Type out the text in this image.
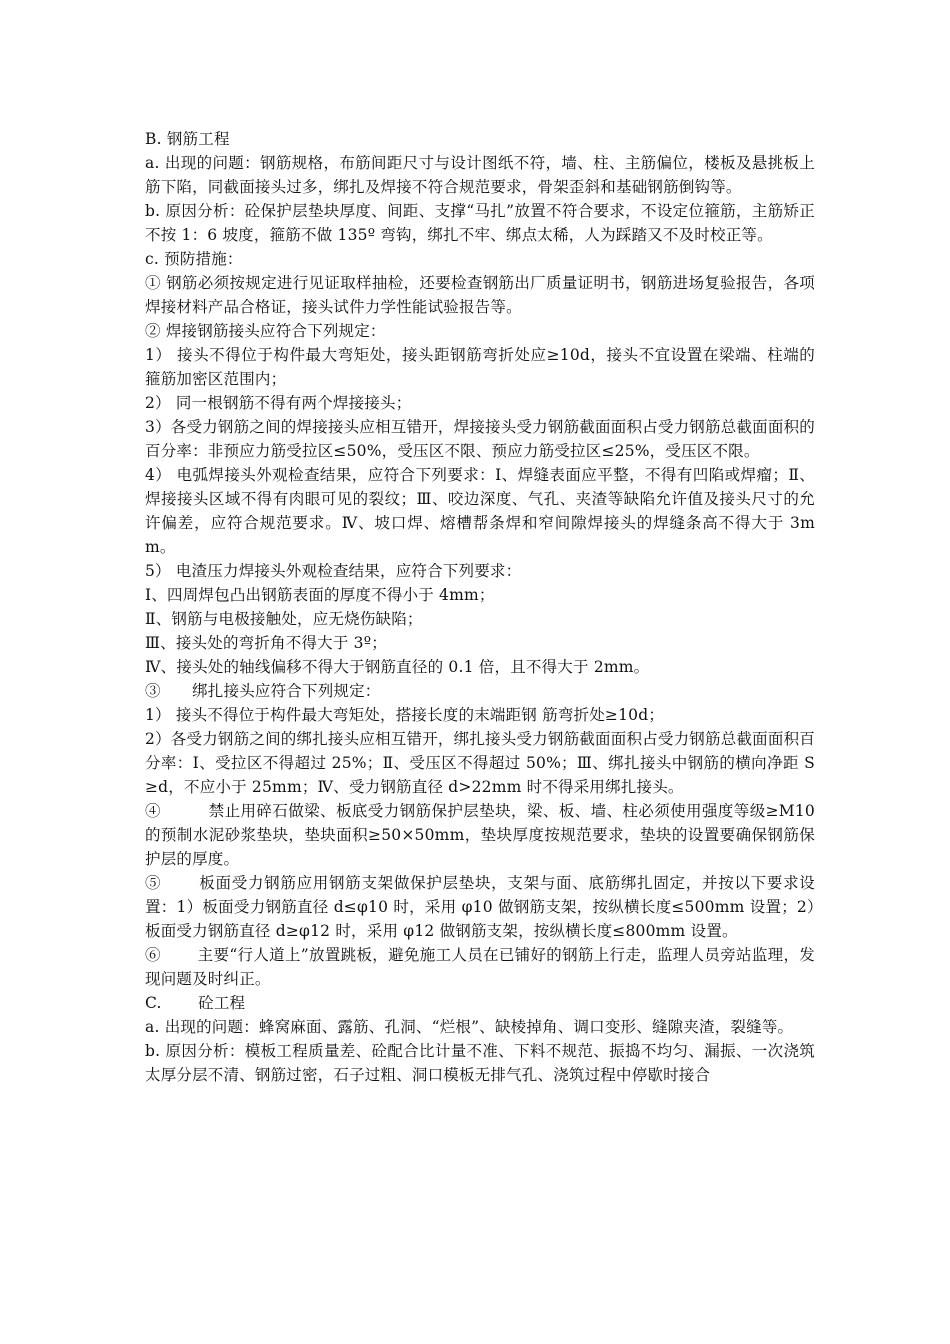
B. 钢筋工程

a. 出现的问题：钢筋规格，布筋间距尺寸与设计图纸不符，墙、柱、主筋偏位，楼板及悬挑板上筋下陷，同截面接头过多，绑扎及焊接不符合规范要求，骨架歪斜和基础钢筋倒钩等。

b. 原因分析：砼保护层垫块厚度、间距、支撑“马扎”放置不符合要求，不设定位箍筋，主筋矫正不按 1：6 坡度，箍筋不做 135º 弯钩，绑扎不牢、绑点太稀，人为踩踏又不及时校正等。

c. 预防措施：

① 钢筋必须按规定进行见证取样抽检，还要检查钢筋出厂质量证明书，钢筋进场复验报告，各项焊接材料产品合格证，接头试件力学性能试验报告等。

② 焊接钢筋接头应符合下列规定：

1） 接头不得位于构件最大弯矩处，接头距钢筋弯折处应≥10d，接头不宜设置在梁端、柱端的箍筋加密区范围内；

2） 同一根钢筋不得有两个焊接接头；

3）各受力钢筋之间的焊接接头应相互错开，焊接接头受力钢筋截面面积占受力钢筋总截面面积的百分率：非预应力筋受拉区≤50%，受压区不限、预应力筋受拉区≤25%，受压区不限。

4） 电弧焊接头外观检查结果，应符合下列要求：Ⅰ、焊缝表面应平整，不得有凹陷或焊瘤；Ⅱ、焊接接头区域不得有肉眼可见的裂纹；Ⅲ、咬边深度、气孔、夹渣等缺陷允许值及接头尺寸的允许偏差，应符合规范要求。Ⅳ、坡口焊、熔槽帮条焊和窄间隙焊接头的焊缝条高不得大于 3mm。

5） 电渣压力焊接头外观检查结果，应符合下列要求：

Ⅰ、四周焊包凸出钢筋表面的厚度不得小于 4mm；

Ⅱ、钢筋与电极接触处，应无烧伤缺陷；

Ⅲ、接头处的弯折角不得大于 3º；

Ⅳ、接头处的轴线偏移不得大于钢筋直径的 0.1 倍，且不得大于 2mm。

③　　绑扎接头应符合下列规定：

1） 接头不得位于构件最大弯矩处，搭接长度的末端距钢 筋弯折处≥10d；

2）各受力钢筋之间的绑扎接头应相互错开，绑扎接头受力钢筋截面面积占受力钢筋总截面面积百分率：Ⅰ、受拉区不得超过 25%；Ⅱ、受压区不得超过 50%；Ⅲ、绑扎接头中钢筋的横向净距 S≥d，不应小于 25mm；Ⅳ、受力钢筋直径 d>22mm 时不得采用绑扎接头。

④　　　禁止用碎石做梁、板底受力钢筋保护层垫块，梁、板、墙、柱必须使用强度等级≥M10 的预制水泥砂浆垫块，垫块面积≥50×50mm，垫块厚度按规范要求，垫块的设置要确保钢筋保护层的厚度。

⑤　　 板面受力钢筋应用钢筋支架做保护层垫块，支架与面、底筋绑扎固定，并按以下要求设置：1）板面受力钢筋直径 d≤φ10 时，采用 φ10 做钢筋支架，按纵横长度≤500mm 设置；2）板面受力钢筋直径 d≥φ12 时，采用 φ12 做钢筋支架，按纵横长度≤800mm 设置。

⑥　　 主要“行人道上”放置跳板，避免施工人员在已铺好的钢筋上行走，监理人员旁站监理，发现问题及时纠正。

C.　　 砼工程

a. 出现的问题：蜂窝麻面、露筋、孔洞、“烂根”、缺棱掉角、调口变形、缝隙夹渣，裂缝等。

b. 原因分析：模板工程质量差、砼配合比计量不准、下料不规范、振捣不均匀、漏振、一次浇筑太厚分层不清、钢筋过密，石子过粗、洞口模板无排气孔、浇筑过程中停歇时接合
